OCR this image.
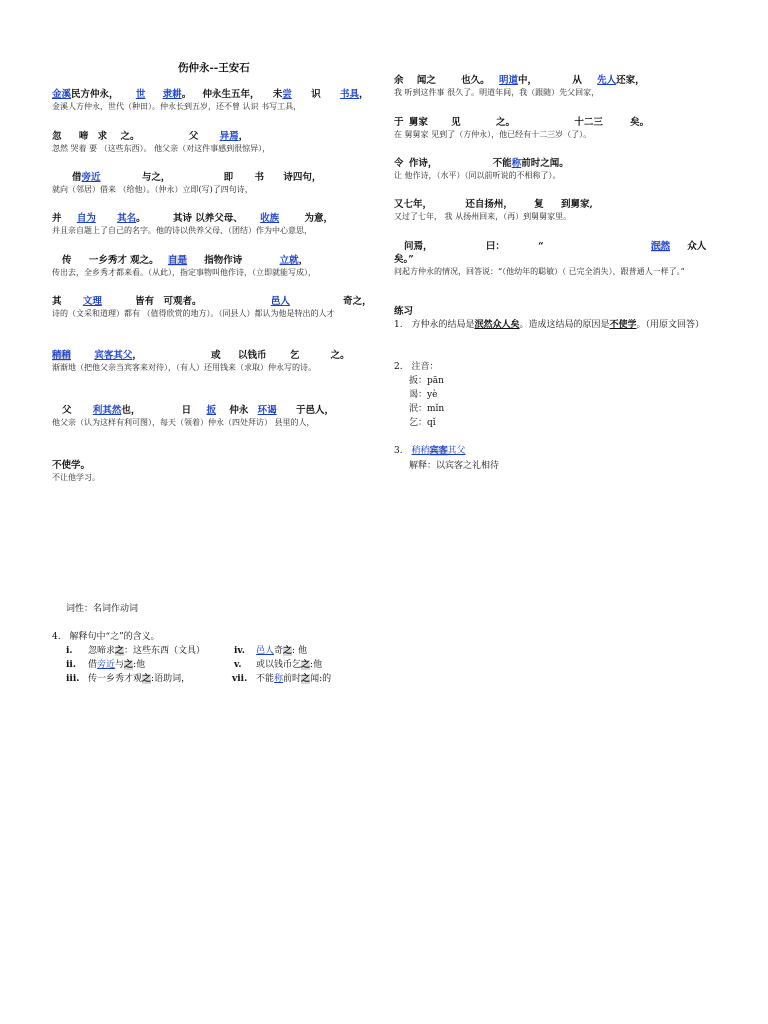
伤仲永--王安石
金溪民方仲永， 世 隶耕。 仲永生五年， 未尝 识 书具，
金溪人方仲永，世代（种田）。仲永长到五岁，还不曾 认识 书写工具，
忽 啼 求 之。	父 异焉，
忽然 哭着 要 （这些东西）。 他父亲（对这件事感到很惊异），
借旁近	与之，	即 书 诗四句，
就向（邻居）借来 （给他）。（仲永）立即(写)了四句诗，
并 自为 其名。	其诗 以养父母、 收族	为意，
并且亲自题上了自己的名字。他的诗以供养父母、（团结）作为中心意思，
传 一乡秀才 观之。 自是 指物作诗	立就，
传出去，全乡秀才都来看。（从此），指定事物叫他作诗，（立即就能写成），
其 文理	皆有 可观者。	邑人	奇之，
诗的（文采和道理）都有 （值得欣赏的地方）。（同县人）都认为他是特出的人才
稍稍 宾客其父，	或 以钱币 乞	之。
渐渐地（把他父亲当宾客来对待），（有人）还用钱来（求取）仲永写的诗。
父 利其然也，	日 扳 仲永 环谒 于邑人，
他父亲（认为这样有利可图），每天（领着）仲永（四处拜访） 县里的人，
不使学。
不让他学习。
余 闻之	也久。 明道中，	从 先人还家，
我 听到这件事 很久了。明道年间，我（跟随）先父回家，
于 舅家 见	之。	十二三	矣。
在 舅舅家 见到了（方仲永），他已经有十二三岁（了）。
令 作诗，	不能称前时之闻。
让 他作诗，（水平）（同以前听说的不相称了）。
又七年，	还自扬州， 复 到舅家,
又过了七年， 我 从扬州回来，（再）到舅舅家里。
问焉，	曰：	“	泯然 众人
矣。”
问起方仲永的情况，回答说：“（他幼年的聪敏）（ 已完全消失），跟普通人一样了。”
练习
1. 方仲永的结局是泯然众人矣。造成这结局的原因是不使学。（用原文回答）
2. 注音：
扳：pān
谒：yè
泯：mǐn
乞：qǐ
3. 稍稍宾客其父
解释：以宾客之礼相待
词性：名词作动词
4. 解释句中“之”的含义。
i. 忽啼求之：这些东西（文具）
ii. 借旁近与之:他
iii. 传一乡秀才观之:语助词，
iv. 邑人奇之: 他
v. 或以钱币乞之:他
vii. 不能称前时之闻:的
